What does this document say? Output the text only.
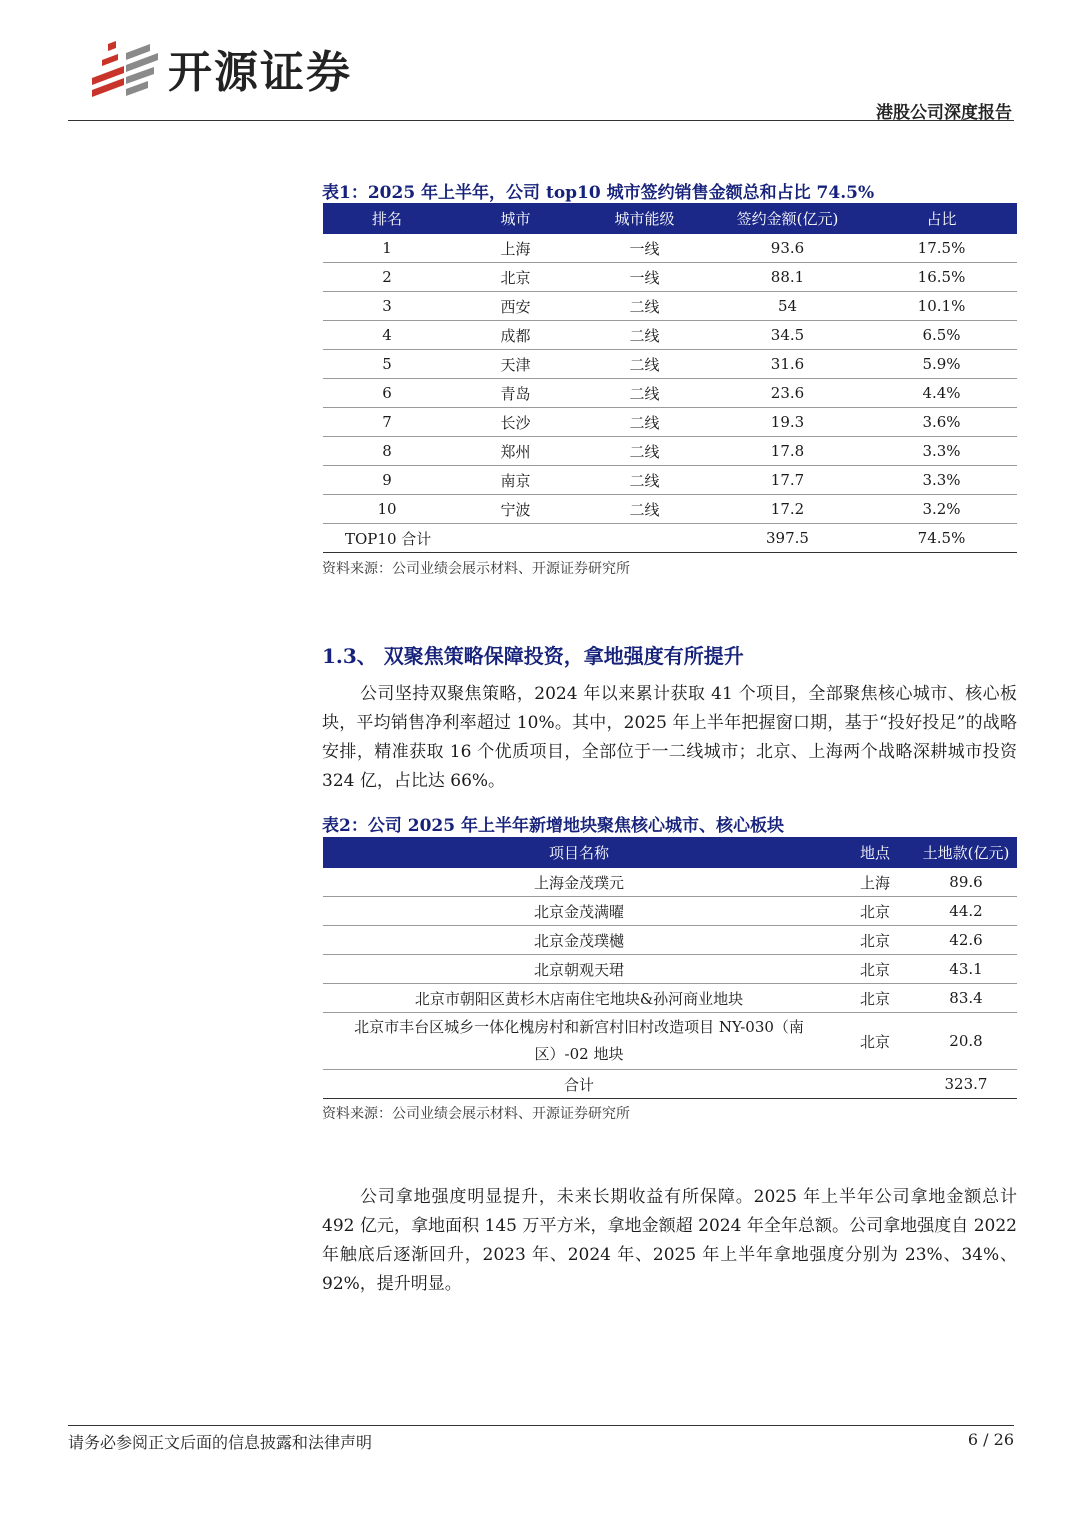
开源证券
港股公司深度报告
表1：2025 年上半年，公司 top10 城市签约销售金额总和占比 74.5%
排名	城市	城市能级	签约金额(亿元)	占比
1	上海	一线	93.6	17.5%
2	北京	一线	88.1	16.5%
3	西安	二线	54	10.1%
4	成都	二线	34.5	6.5%
5	天津	二线	31.6	5.9%
6	青岛	二线	23.6	4.4%
7	长沙	二线	19.3	3.6%
8	郑州	二线	17.8	3.3%
9	南京	二线	17.7	3.3%
10	宁波	二线	17.2	3.2%
TOP10 合计			397.5	74.5%
资料来源：公司业绩会展示材料、开源证券研究所
1.3、 双聚焦策略保障投资，拿地强度有所提升

公司坚持双聚焦策略，2024 年以来累计获取 41 个项目，全部聚焦核心城市、核心板块，平均销售净利率超过 10%。其中，2025 年上半年把握窗口期，基于“投好投足”的战略安排，精准获取 16 个优质项目，全部位于一二线城市；北京、上海两个战略深耕城市投资 324 亿，占比达 66%。

表2：公司 2025 年上半年新增地块聚焦核心城市、核心板块
项目名称	地点	土地款(亿元)
上海金茂璞元	上海	89.6
北京金茂满曜	北京	44.2
北京金茂璞樾	北京	42.6
北京朝观天珺	北京	43.1
北京市朝阳区黄杉木店南住宅地块&孙河商业地块	北京	83.4
北京市丰台区城乡一体化槐房村和新宫村旧村改造项目 NY-030（南区）-02 地块	北京	20.8
合计		323.7
资料来源：公司业绩会展示材料、开源证券研究所

公司拿地强度明显提升，未来长期收益有所保障。2025 年上半年公司拿地金额总计 492 亿元，拿地面积 145 万平方米，拿地金额超 2024 年全年总额。公司拿地强度自 2022 年触底后逐渐回升，2023 年、2024 年、2025 年上半年拿地强度分别为 23%、34%、92%，提升明显。

请务必参阅正文后面的信息披露和法律声明	6 / 26
